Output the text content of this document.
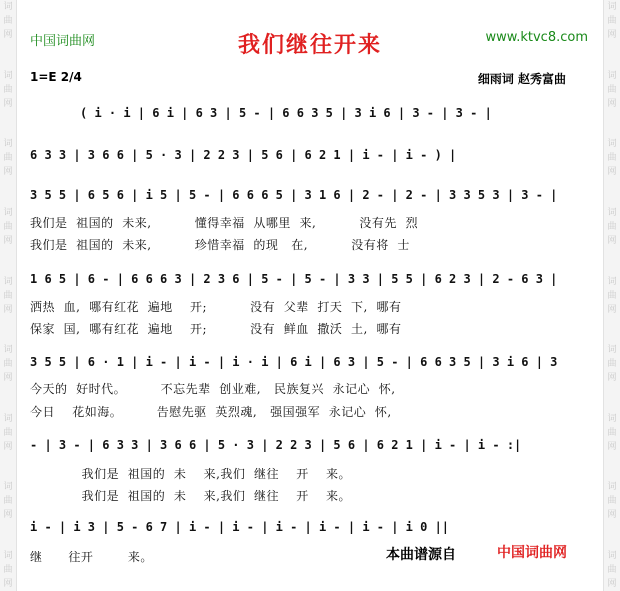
词
曲
网
词
曲
网
词
曲
网
词
曲
网
词
曲
网
词
曲
网
词
曲
网
词
曲
网
词
曲
网
词
曲
网
词
曲
网
词
曲
网
词
曲
网
词
曲
网
词
曲
网
词
曲
网
词
曲
网
词
曲
网
中国词曲网	我们继往开来	www.ktvc8.com
1=E 2/4	细雨词 赵秀富曲
( i · i | 6 i | 6 3 | 5 - | 6 6 3 5 | 3 i 6 | 3 - | 3 - |
6 3 3 | 3 6 6 | 5 · 3 | 2 2 3 | 5 6 | 6 2 1 | i - | i - ) |
3 5 5 | 6 5 6 | i 5 | 5 - | 6 6 6 5 | 3 1 6 | 2 - | 2 - | 3 3 5 3 | 3 - |
我们是  祖国的  未来,          懂得幸福  从哪里  来,          没有先  烈
我们是  祖国的  未来,          珍惜幸福  的现   在,          没有将  士
1 6 5 | 6 - | 6 6 6 3 | 2 3 6 | 5 - | 5 - | 3 3 | 5 5 | 6 2 3 | 2 - 6 3 |
洒热  血,  哪有红花  遍地    开;          没有  父辈  打天  下,  哪有
保家  国,  哪有红花  遍地    开;          没有  鲜血  撒沃  土,  哪有
3 5 5 | 6 · 1 | i - | i - | i · i | 6 i | 6 3 | 5 - | 6 6 3 5 | 3 i 6 | 3
今天的  好时代。        不忘先辈  创业难,   民族复兴  永记心  怀,
今日    花如海。        告慰先驱  英烈魂,   强国强军  永记心  怀,
- | 3 - | 6 3 3 | 3 6 6 | 5 · 3 | 2 2 3 | 5 6 | 6 2 1 | i - | i - :|
我们是  祖国的  未    来,我们  继往    开    来。
我们是  祖国的  未    来,我们  继往    开    来。
i - | i 3 | 5 - 6 7 | i - | i - | i - | i - | i - | i 0 ||
继      往开        来。	本曲谱源自	中国词曲网
